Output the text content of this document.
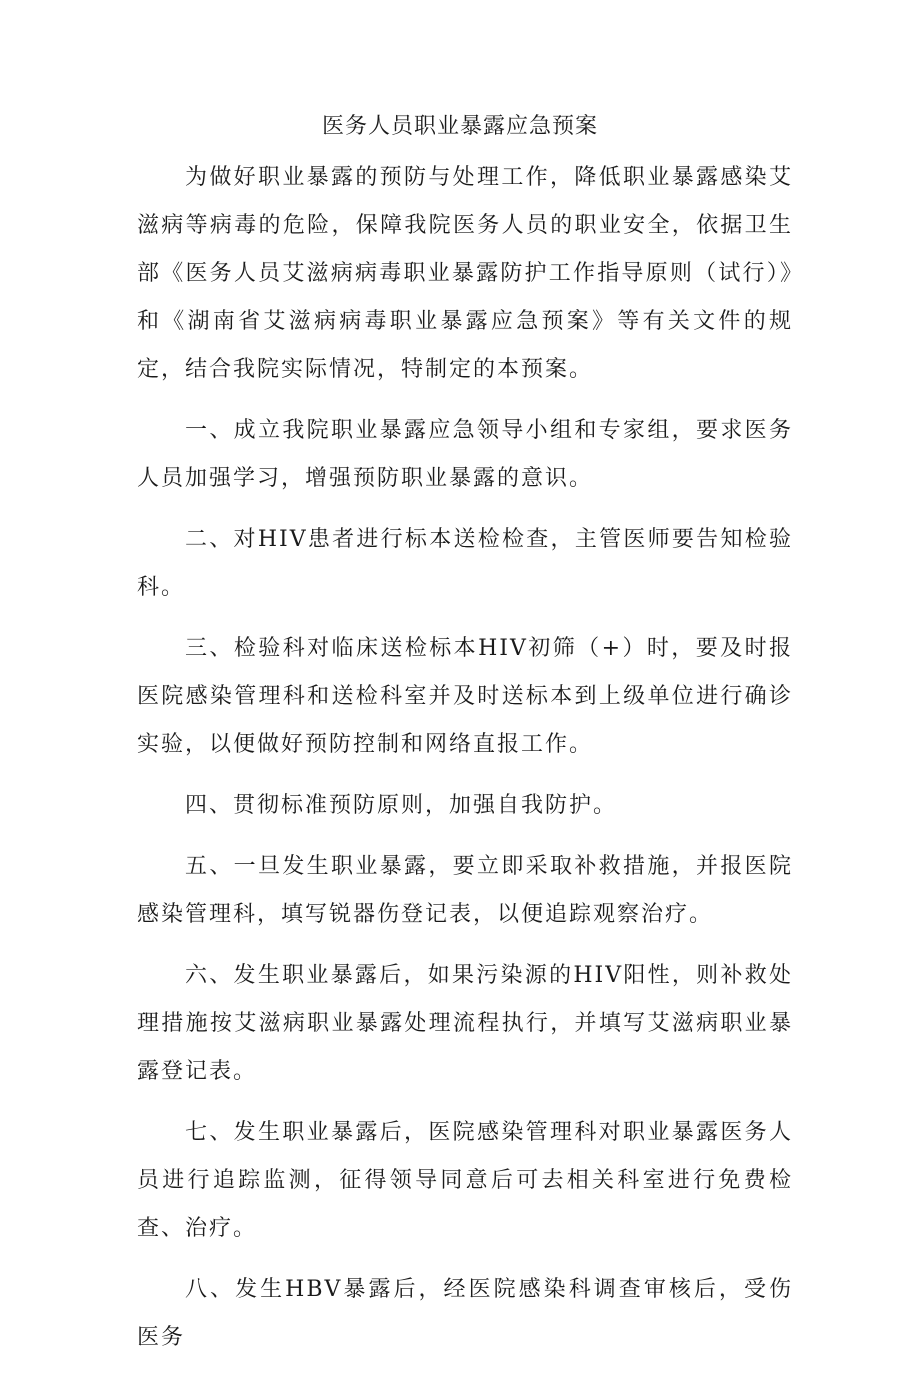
医务人员职业暴露应急预案

为做好职业暴露的预防与处理工作，降低职业暴露感染艾滋病等病毒的危险，保障我院医务人员的职业安全，依据卫生部《医务人员艾滋病病毒职业暴露防护工作指导原则（试行）》和《湖南省艾滋病病毒职业暴露应急预案》等有关文件的规定，结合我院实际情况，特制定的本预案。

一、成立我院职业暴露应急领导小组和专家组，要求医务人员加强学习，增强预防职业暴露的意识。

二、对HIV患者进行标本送检检查，主管医师要告知检验科。

三、检验科对临床送检标本HIV初筛（+）时，要及时报医院感染管理科和送检科室并及时送标本到上级单位进行确诊实验，以便做好预防控制和网络直报工作。

四、贯彻标准预防原则，加强自我防护。

五、一旦发生职业暴露，要立即采取补救措施，并报医院感染管理科，填写锐器伤登记表，以便追踪观察治疗。

六、发生职业暴露后，如果污染源的HIV阳性，则补救处理措施按艾滋病职业暴露处理流程执行，并填写艾滋病职业暴露登记表。

七、发生职业暴露后，医院感染管理科对职业暴露医务人员进行追踪监测，征得领导同意后可去相关科室进行免费检查、治疗。

八、发生HBV暴露后，经医院感染科调查审核后，受伤医务
